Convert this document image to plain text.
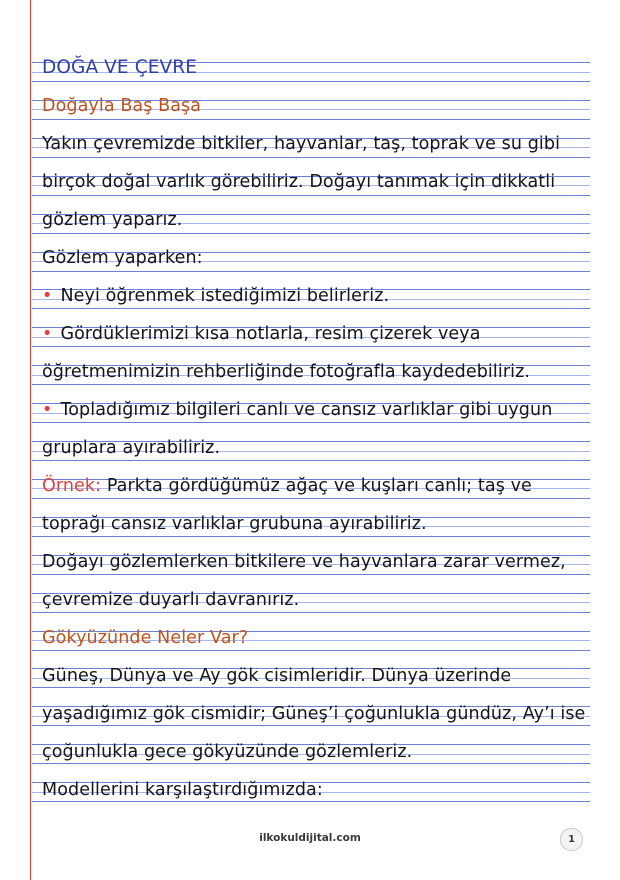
DOĞA VE ÇEVRE
Doğayla Baş Başa
Yakın çevremizde bitkiler, hayvanlar, taş, toprak ve su gibi
birçok doğal varlık görebiliriz. Doğayı tanımak için dikkatli
gözlem yaparız.
Gözlem yaparken:
• Neyi öğrenmek istediğimizi belirleriz.
• Gördüklerimizi kısa notlarla, resim çizerek veya
öğretmenimizin rehberliğinde fotoğrafla kaydedebiliriz.
• Topladığımız bilgileri canlı ve cansız varlıklar gibi uygun
gruplara ayırabiliriz.
Örnek: Parkta gördüğümüz ağaç ve kuşları canlı; taş ve
toprağı cansız varlıklar grubuna ayırabiliriz.
Doğayı gözlemlerken bitkilere ve hayvanlara zarar vermez,
çevremize duyarlı davranırız.
Gökyüzünde Neler Var?
Güneş, Dünya ve Ay gök cisimleridir. Dünya üzerinde
yaşadığımız gök cismidir; Güneş’i çoğunlukla gündüz, Ay’ı ise
çoğunlukla gece gökyüzünde gözlemleriz.
Modellerini karşılaştırdığımızda:
ilkokuldijital.com	1
